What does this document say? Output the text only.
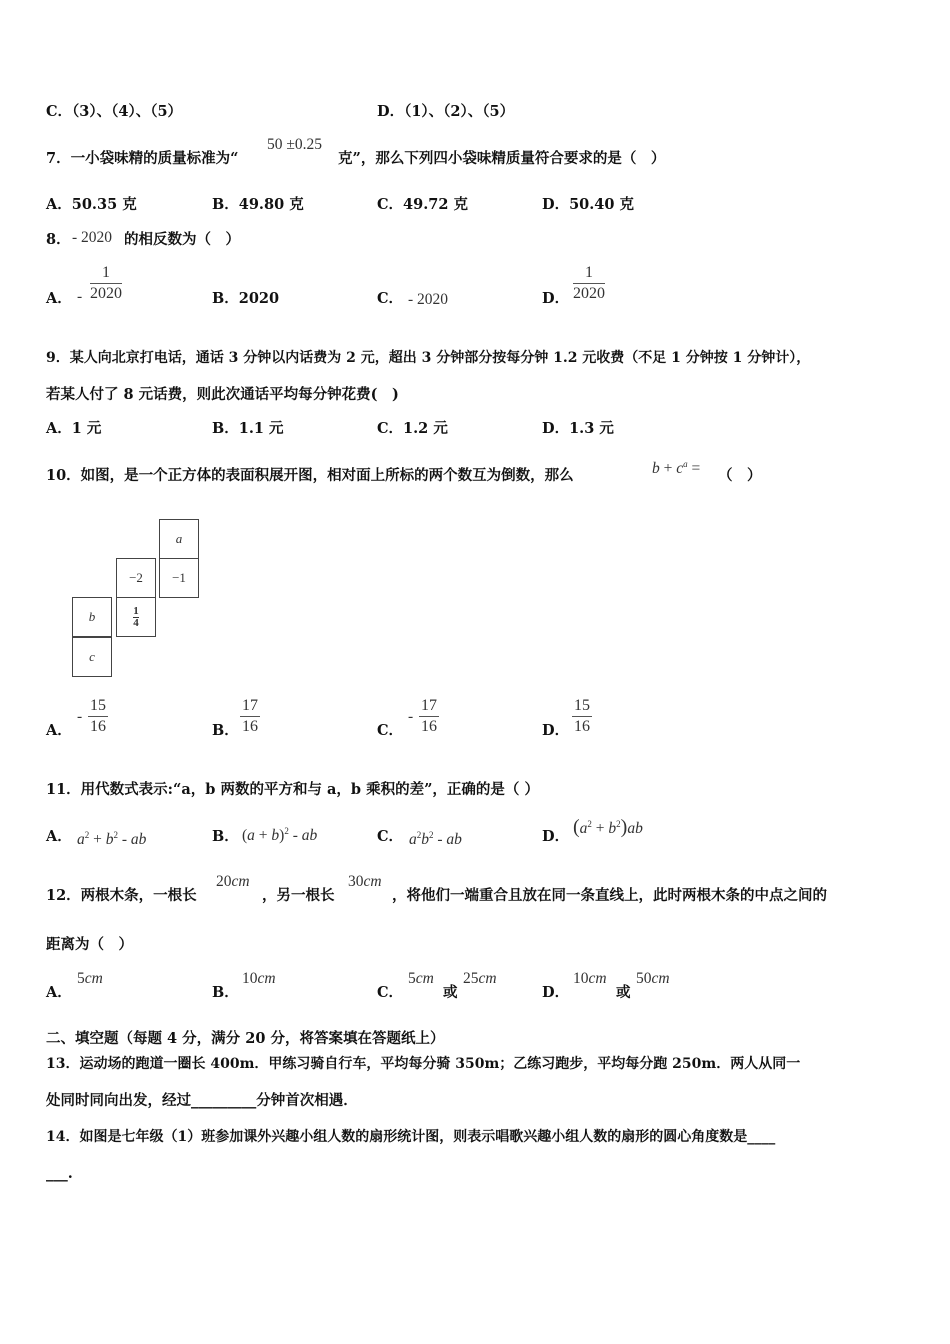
C．（3）、（4）、（5）	D．（1）、（2）、（5）
7．一小袋味精的质量标准为“
50 ±0.25
克”，那么下列四小袋味精质量符合要求的是（　）
A．50.35 克	B．49.80 克	C．49.72 克	D．50.40 克
8． - 2020 的相反数为（　）
A． - $\frac{1}{2020}$	B．2020	C． - 2020	D． $\frac{1}{2020}$
9．某人向北京打电话，通话 3 分钟以内话费为 2 元，超出 3 分钟部分按每分钟 1.2 元收费（不足 1 分钟按 1 分钟计），
若某人付了 8 元话费，则此次通话平均每分钟花费(　)
A．1 元	B．1.1 元	C．1.2 元	D．1.3 元
10．如图，是一个正方体的表面积展开图，相对面上所标的两个数互为倒数，那么	$b + c^a$ = （　）
a
−2	−1
b	$\frac{1}{4}$
c
A．
- $\frac{15}{16}$	B． $\frac{17}{16}$	C．
- $\frac{17}{16}$	D． $\frac{15}{16}$
11．用代数式表示:“a，b 两数的平方和与 a，b 乘积的差”，正确的是（ ）
A． $a^2 + b^2$ - ab	B． $(a + b)^2$ - ab	C． $a^2b^2$ - ab	D． $(a^2 + b^2)ab$
12．两根木条，一根长
20cm
，另一根长
30cm
，将他们一端重合且放在同一条直线上，此时两根木条的中点之间的
距离为（　）
A．
5cm
B．
10cm
C．
5cm
或
25cm
D．
10cm
或
50cm
二、填空题（每题 4 分，满分 20 分，将答案填在答题纸上）
13．运动场的跑道一圈长 400m．甲练习骑自行车，平均每分骑 350m；乙练习跑步，平均每分跑 250m．两人从同一
处同时同向出发，经过_________分钟首次相遇．
14．如图是七年级（1）班参加课外兴趣小组人数的扇形统计图，则表示唱歌兴趣小组人数的扇形的圆心角度数是____
___.
